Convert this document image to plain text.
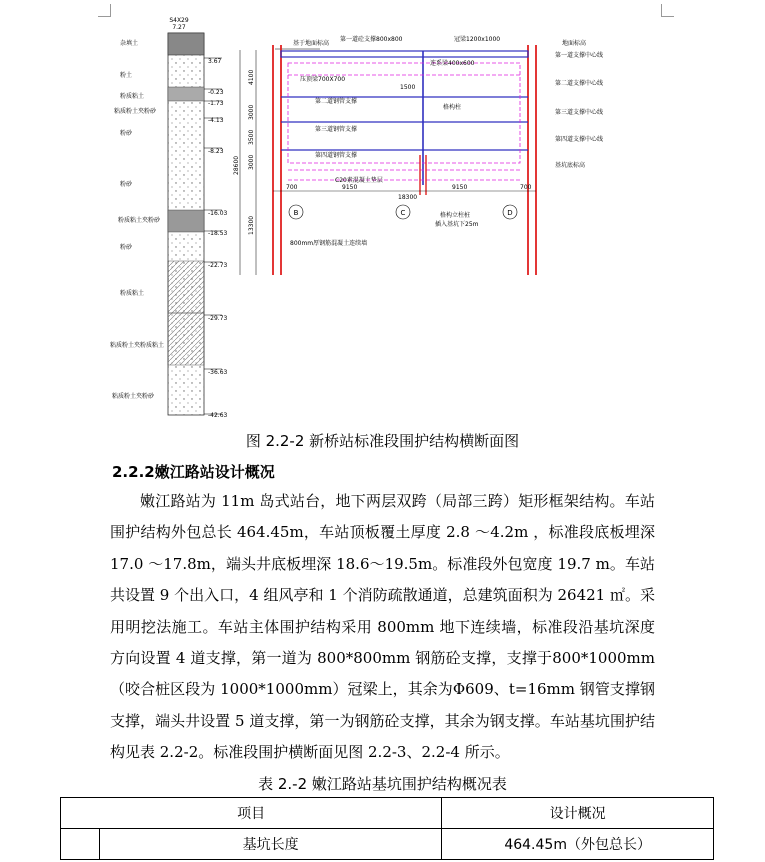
S4X29
7.27
杂填土
粉土
粉质粘土
粘质粉土夹粉砂
粉砂
粉砂
粉质粘土夹粉砂
粉砂
粉质粘土
粘质粉土夹粉质粘土
粘质粉土夹粉砂
3.67
-0.23
-1.73
-4.13
-8.23
-16.03
-18.53
-22.73
-29.73
-36.63
-42.63
4100
3000
3500
3000
28600
13300
基于地面标高	地面标高
第一道砼支撑800x800	冠梁1200x1000
连系梁400x600
压顶梁700X700
1500
格构柱
第二道钢管支撑
第三道钢管支撑
第四道钢管支撑
C20素混凝土垫层
第一道支撑中心线
第二道支撑中心线
第三道支撑中心线
第四道支撑中心线
基坑底标高
800mm厚钢筋混凝土连续墙
格构立柱桩
插入基坑下25m
700	9150
18300
9150	700
B	C	D
图 2.2-2 新桥站标准段围护结构横断面图
2.2.2嫩江路站设计概况

嫩江路站为 11m 岛式站台，地下两层双跨（局部三跨）矩形框架结构。车站围护结构外包总长 464.45m，车站顶板覆土厚度 2.8 ～4.2m ，标准段底板埋深 17.0 ～17.8m，端头井底板埋深 18.6～19.5m。标准段外包宽度 19.7 m。车站共设置 9 个出入口，4 组风亭和 1 个消防疏散通道，总建筑面积为 26421 ㎡。采用明挖法施工。车站主体围护结构采用 800mm 地下连续墙，标准段沿基坑深度方向设置 4 道支撑，第一道为 800*800mm 钢筋砼支撑，支撑于800*1000mm（咬合桩区段为 1000*1000mm）冠梁上，其余为Φ609、t=16mm 钢管支撑钢支撑，端头井设置 5 道支撑，第一为钢筋砼支撑，其余为钢支撑。车站基坑围护结构见表 2.2-2。标准段围护横断面见图 2.2-3、2.2-4 所示。

表 2.-2 嫩江路站基坑围护结构概况表
项目		设计概况
	基坑长度	464.45m（外包总长）
